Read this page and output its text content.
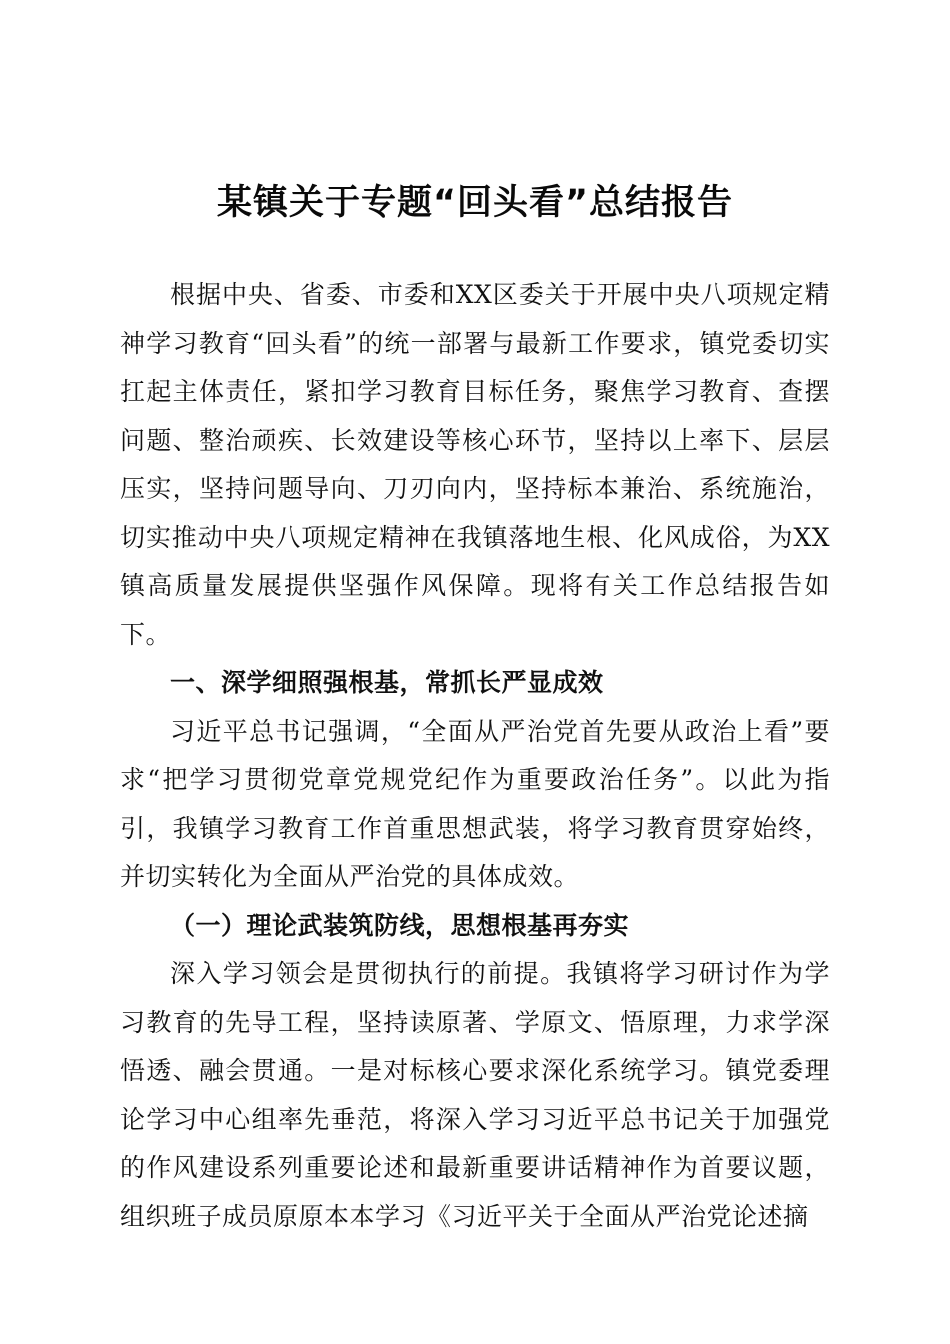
某镇关于专题“回头看”总结报告

根据中央、省委、市委和XX区委关于开展中央八项规定精神学习教育“回头看”的统一部署与最新工作要求，镇党委切实扛起主体责任，紧扣学习教育目标任务，聚焦学习教育、查摆问题、整治顽疾、长效建设等核心环节，坚持以上率下、层层压实，坚持问题导向、刀刃向内，坚持标本兼治、系统施治，切实推动中央八项规定精神在我镇落地生根、化风成俗，为XX镇高质量发展提供坚强作风保障。现将有关工作总结报告如下。

一、深学细照强根基，常抓长严显成效

习近平总书记强调，“全面从严治党首先要从政治上看”要求“把学习贯彻党章党规党纪作为重要政治任务”。以此为指引，我镇学习教育工作首重思想武装，将学习教育贯穿始终，并切实转化为全面从严治党的具体成效。

（一）理论武装筑防线，思想根基再夯实

深入学习领会是贯彻执行的前提。我镇将学习研讨作为学习教育的先导工程，坚持读原著、学原文、悟原理，力求学深悟透、融会贯通。一是对标核心要求深化系统学习。镇党委理论学习中心组率先垂范，将深入学习习近平总书记关于加强党的作风建设系列重要论述和最新重要讲话精神作为首要议题，组织班子成员原原本本学习《习近平关于全面从严治党论述摘
